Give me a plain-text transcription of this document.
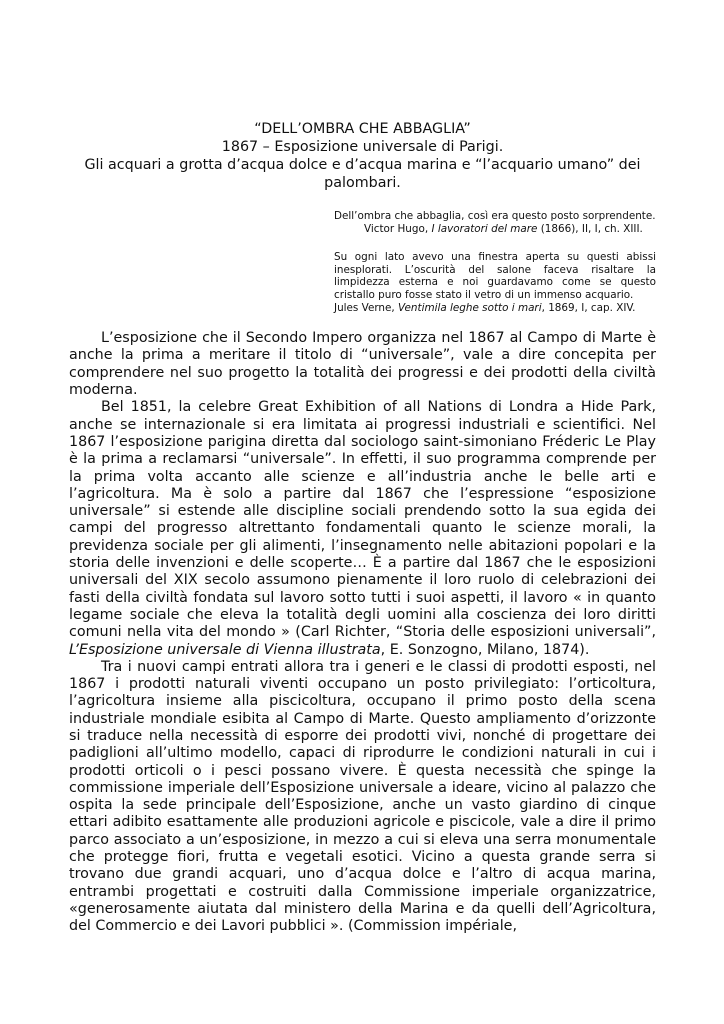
“DELL’OMBRA CHE ABBAGLIA”

1867 – Esposizione universale di Parigi.

Gli acquari a grotta d’acqua dolce e d’acqua marina e “l’acquario umano” dei palombari.

Dell’ombra che abbaglia, così era questo posto sorprendente.

Victor Hugo, I lavoratori del mare (1866), II, I, ch. XIII.

Su ogni lato avevo una finestra aperta su questi abissi inesplorati. L’oscurità del salone faceva risaltare la limpidezza esterna e noi guardavamo come se questo cristallo puro fosse stato il vetro di un immenso acquario.

Jules Verne, Ventimila leghe sotto i mari, 1869, I, cap. XIV.

L’esposizione che il Secondo Impero organizza nel 1867 al Campo di Marte è anche la prima a meritare il titolo di “universale”, vale a dire concepita per comprendere nel suo progetto la totalità dei progressi e dei prodotti della civiltà moderna.

Bel 1851, la celebre Great Exhibition of all Nations di Londra a Hide Park, anche se internazionale si era limitata ai progressi industriali e scientifici. Nel 1867 l’esposizione parigina diretta dal sociologo saint-simoniano Fréderic Le Play è la prima a reclamarsi “universale”. In effetti, il suo programma comprende per la prima volta accanto alle scienze e all’industria anche le belle arti e l’agricoltura. Ma è solo a partire dal 1867 che l’espressione “esposizione universale” si estende alle discipline sociali prendendo sotto la sua egida dei campi del progresso altrettanto fondamentali quanto le scienze morali, la previdenza sociale per gli alimenti, l’insegnamento nelle abitazioni popolari e la storia delle invenzioni e delle scoperte… È a partire dal 1867 che le esposizioni universali del XIX secolo assumono pienamente il loro ruolo di celebrazioni dei fasti della civiltà fondata sul lavoro sotto tutti i suoi aspetti, il lavoro « in quanto legame sociale che eleva la totalità degli uomini alla coscienza dei loro diritti comuni nella vita del mondo » (Carl Richter, “Storia delle esposizioni universali”, L’Esposizione universale di Vienna illustrata, E. Sonzogno, Milano, 1874).

Tra i nuovi campi entrati allora tra i generi e le classi di prodotti esposti, nel 1867 i prodotti naturali viventi occupano un posto privilegiato: l’orticoltura, l’agricoltura insieme alla piscicoltura, occupano il primo posto della scena industriale mondiale esibita al Campo di Marte. Questo ampliamento d’orizzonte si traduce nella necessità di esporre dei prodotti vivi, nonché di progettare dei padiglioni all’ultimo modello, capaci di riprodurre le condizioni naturali in cui i prodotti orticoli o i pesci possano vivere. È questa necessità che spinge la commissione imperiale dell’Esposizione universale a ideare, vicino al palazzo che ospita la sede principale dell’Esposizione, anche un vasto giardino di cinque ettari adibito esattamente alle produzioni agricole e piscicole, vale a dire il primo parco associato a un’esposizione, in mezzo a cui si eleva una serra monumentale che protegge fiori, frutta e vegetali esotici. Vicino a questa grande serra si trovano due grandi acquari, uno d’acqua dolce e l’altro di acqua marina, entrambi progettati e costruiti dalla Commissione imperiale organizzatrice, «generosamente aiutata dal ministero della Marina e da quelli dell’Agricoltura, del Commercio e dei Lavori pubblici ». (Commission impériale,
